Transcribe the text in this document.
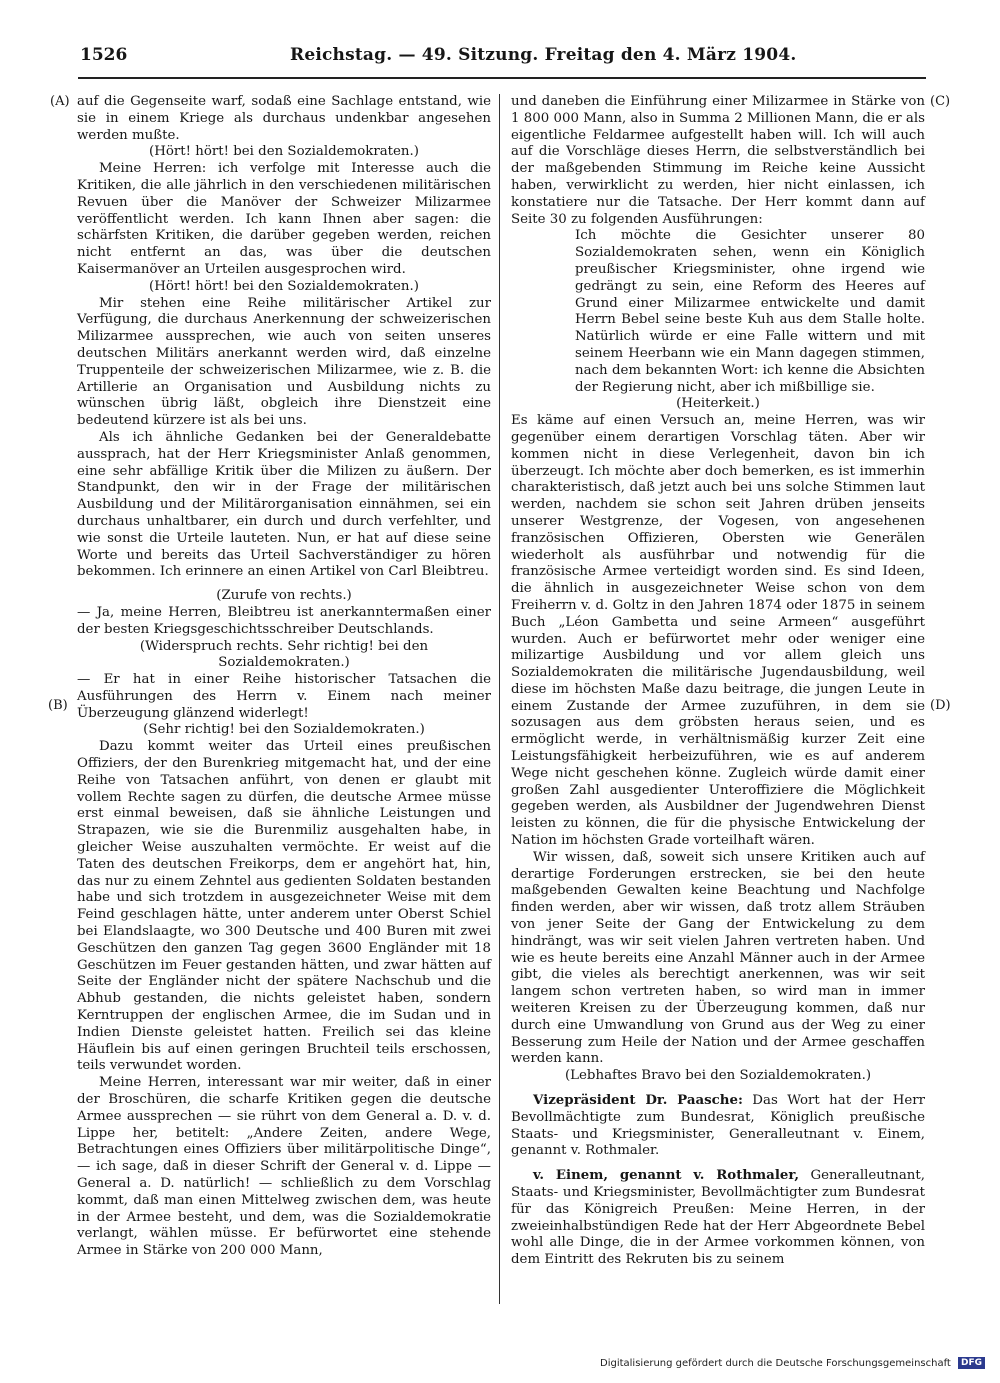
1526	Reichstag. — 49. Sitzung. Freitag den 4. März 1904.
(A)
(B)
(C)
(D)

auf die Gegenseite warf, sodaß eine Sachlage entstand, wie sie in einem Kriege als durchaus undenkbar angesehen werden mußte.

(Hört! hört! bei den Sozialdemokraten.)

Meine Herren: ich verfolge mit Interesse auch die Kritiken, die alle jährlich in den verschiedenen militärischen Revuen über die Manöver der Schweizer Milizarmee veröffentlicht werden. Ich kann Ihnen aber sagen: die schärfsten Kritiken, die darüber gegeben werden, reichen nicht entfernt an das, was über die deutschen Kaisermanöver an Urteilen ausgesprochen wird.

(Hört! hört! bei den Sozialdemokraten.)

Mir stehen eine Reihe militärischer Artikel zur Verfügung, die durchaus Anerkennung der schweizerischen Milizarmee aussprechen, wie auch von seiten unseres deutschen Militärs anerkannt werden wird, daß einzelne Truppenteile der schweizerischen Milizarmee, wie z. B. die Artillerie an Organisation und Ausbildung nichts zu wünschen übrig läßt, obgleich ihre Dienstzeit eine bedeutend kürzere ist als bei uns.

Als ich ähnliche Gedanken bei der Generaldebatte aussprach, hat der Herr Kriegsminister Anlaß genommen, eine sehr abfällige Kritik über die Milizen zu äußern. Der Standpunkt, den wir in der Frage der militärischen Ausbildung und der Militärorganisation einnähmen, sei ein durchaus unhaltbarer, ein durch und durch verfehlter, und wie sonst die Urteile lauteten. Nun, er hat auf diese seine Worte und bereits das Urteil Sachverständiger zu hören bekommen. Ich erinnere an einen Artikel von Carl Bleibtreu.

(Zurufe von rechts.)

— Ja, meine Herren, Bleibtreu ist anerkanntermaßen einer der besten Kriegsgeschichtsschreiber Deutschlands.

(Widerspruch rechts. Sehr richtig! bei den Sozialdemokraten.)

— Er hat in einer Reihe historischer Tatsachen die Ausführungen des Herrn v. Einem nach meiner Überzeugung glänzend widerlegt!

(Sehr richtig! bei den Sozialdemokraten.)

Dazu kommt weiter das Urteil eines preußischen Offiziers, der den Burenkrieg mitgemacht hat, und der eine Reihe von Tatsachen anführt, von denen er glaubt mit vollem Rechte sagen zu dürfen, die deutsche Armee müsse erst einmal beweisen, daß sie ähnliche Leistungen und Strapazen, wie sie die Burenmiliz ausgehalten habe, in gleicher Weise auszuhalten vermöchte. Er weist auf die Taten des deutschen Freikorps, dem er angehört hat, hin, das nur zu einem Zehntel aus gedienten Soldaten bestanden habe und sich trotzdem in ausgezeichneter Weise mit dem Feind geschlagen hätte, unter anderem unter Oberst Schiel bei Elandslaagte, wo 300 Deutsche und 400 Buren mit zwei Geschützen den ganzen Tag gegen 3600 Engländer mit 18 Geschützen im Feuer gestanden hätten, und zwar hätten auf Seite der Engländer nicht der spätere Nachschub und die Abhub gestanden, die nichts geleistet haben, sondern Kerntruppen der englischen Armee, die im Sudan und in Indien Dienste geleistet hatten. Freilich sei das kleine Häuflein bis auf einen geringen Bruchteil teils erschossen, teils verwundet worden.

Meine Herren, interessant war mir weiter, daß in einer der Broschüren, die scharfe Kritiken gegen die deutsche Armee aussprechen — sie rührt von dem General a. D. v. d. Lippe her, betitelt: „Andere Zeiten, andere Wege, Betrachtungen eines Offiziers über militärpolitische Dinge“, — ich sage, daß in dieser Schrift der General v. d. Lippe — General a. D. natürlich! — schließlich zu dem Vorschlag kommt, daß man einen Mittelweg zwischen dem, was heute in der Armee besteht, und dem, was die Sozialdemokratie verlangt, wählen müsse. Er befürwortet eine stehende Armee in Stärke von 200 000 Mann,

und daneben die Einführung einer Milizarmee in Stärke von 1 800 000 Mann, also in Summa 2 Millionen Mann, die er als eigentliche Feldarmee aufgestellt haben will. Ich will auch auf die Vorschläge dieses Herrn, die selbstverständlich bei der maßgebenden Stimmung im Reiche keine Aussicht haben, verwirklicht zu werden, hier nicht einlassen, ich konstatiere nur die Tatsache. Der Herr kommt dann auf Seite 30 zu folgenden Ausführungen:

Ich möchte die Gesichter unserer 80 Sozialdemokraten sehen, wenn ein Königlich preußischer Kriegsminister, ohne irgend wie gedrängt zu sein, eine Reform des Heeres auf Grund einer Milizarmee entwickelte und damit Herrn Bebel seine beste Kuh aus dem Stalle holte. Natürlich würde er eine Falle wittern und mit seinem Heerbann wie ein Mann dagegen stimmen, nach dem bekannten Wort: ich kenne die Absichten der Regierung nicht, aber ich mißbillige sie.

(Heiterkeit.)

Es käme auf einen Versuch an, meine Herren, was wir gegenüber einem derartigen Vorschlag täten. Aber wir kommen nicht in diese Verlegenheit, davon bin ich überzeugt. Ich möchte aber doch bemerken, es ist immerhin charakteristisch, daß jetzt auch bei uns solche Stimmen laut werden, nachdem sie schon seit Jahren drüben jenseits unserer Westgrenze, der Vogesen, von angesehenen französischen Offizieren, Obersten wie Generälen wiederholt als ausführbar und notwendig für die französische Armee verteidigt worden sind. Es sind Ideen, die ähnlich in ausgezeichneter Weise schon von dem Freiherrn v. d. Goltz in den Jahren 1874 oder 1875 in seinem Buch „Léon Gambetta und seine Armeen“ ausgeführt wurden. Auch er befürwortet mehr oder weniger eine milizartige Ausbildung und vor allem gleich uns Sozialdemokraten die militärische Jugendausbildung, weil diese im höchsten Maße dazu beitrage, die jungen Leute in einem Zustande der Armee zuzuführen, in dem sie sozusagen aus dem gröbsten heraus seien, und es ermöglicht werde, in verhältnismäßig kurzer Zeit eine Leistungsfähigkeit herbeizuführen, wie es auf anderem Wege nicht geschehen könne. Zugleich würde damit einer großen Zahl ausgedienter Unteroffiziere die Möglichkeit gegeben werden, als Ausbildner der Jugendwehren Dienst leisten zu können, die für die physische Entwickelung der Nation im höchsten Grade vorteilhaft wären.

Wir wissen, daß, soweit sich unsere Kritiken auch auf derartige Forderungen erstrecken, sie bei den heute maßgebenden Gewalten keine Beachtung und Nachfolge finden werden, aber wir wissen, daß trotz allem Sträuben von jener Seite der Gang der Entwickelung zu dem hindrängt, was wir seit vielen Jahren vertreten haben. Und wie es heute bereits eine Anzahl Männer auch in der Armee gibt, die vieles als berechtigt anerkennen, was wir seit langem schon vertreten haben, so wird man in immer weiteren Kreisen zu der Überzeugung kommen, daß nur durch eine Umwandlung von Grund aus der Weg zu einer Besserung zum Heile der Nation und der Armee geschaffen werden kann.

(Lebhaftes Bravo bei den Sozialdemokraten.)

Vizepräsident Dr. Paasche: Das Wort hat der Herr Bevollmächtigte zum Bundesrat, Königlich preußische Staats- und Kriegsminister, Generalleutnant v. Einem, genannt v. Rothmaler.

v. Einem, genannt v. Rothmaler, Generalleutnant, Staats- und Kriegsminister, Bevollmächtigter zum Bundesrat für das Königreich Preußen: Meine Herren, in der zweieinhalbstündigen Rede hat der Herr Abgeordnete Bebel wohl alle Dinge, die in der Armee vorkommen können, von dem Eintritt des Rekruten bis zu seinem

Digitalisierung gefördert durch die Deutsche Forschungsgemeinschaft DFG
